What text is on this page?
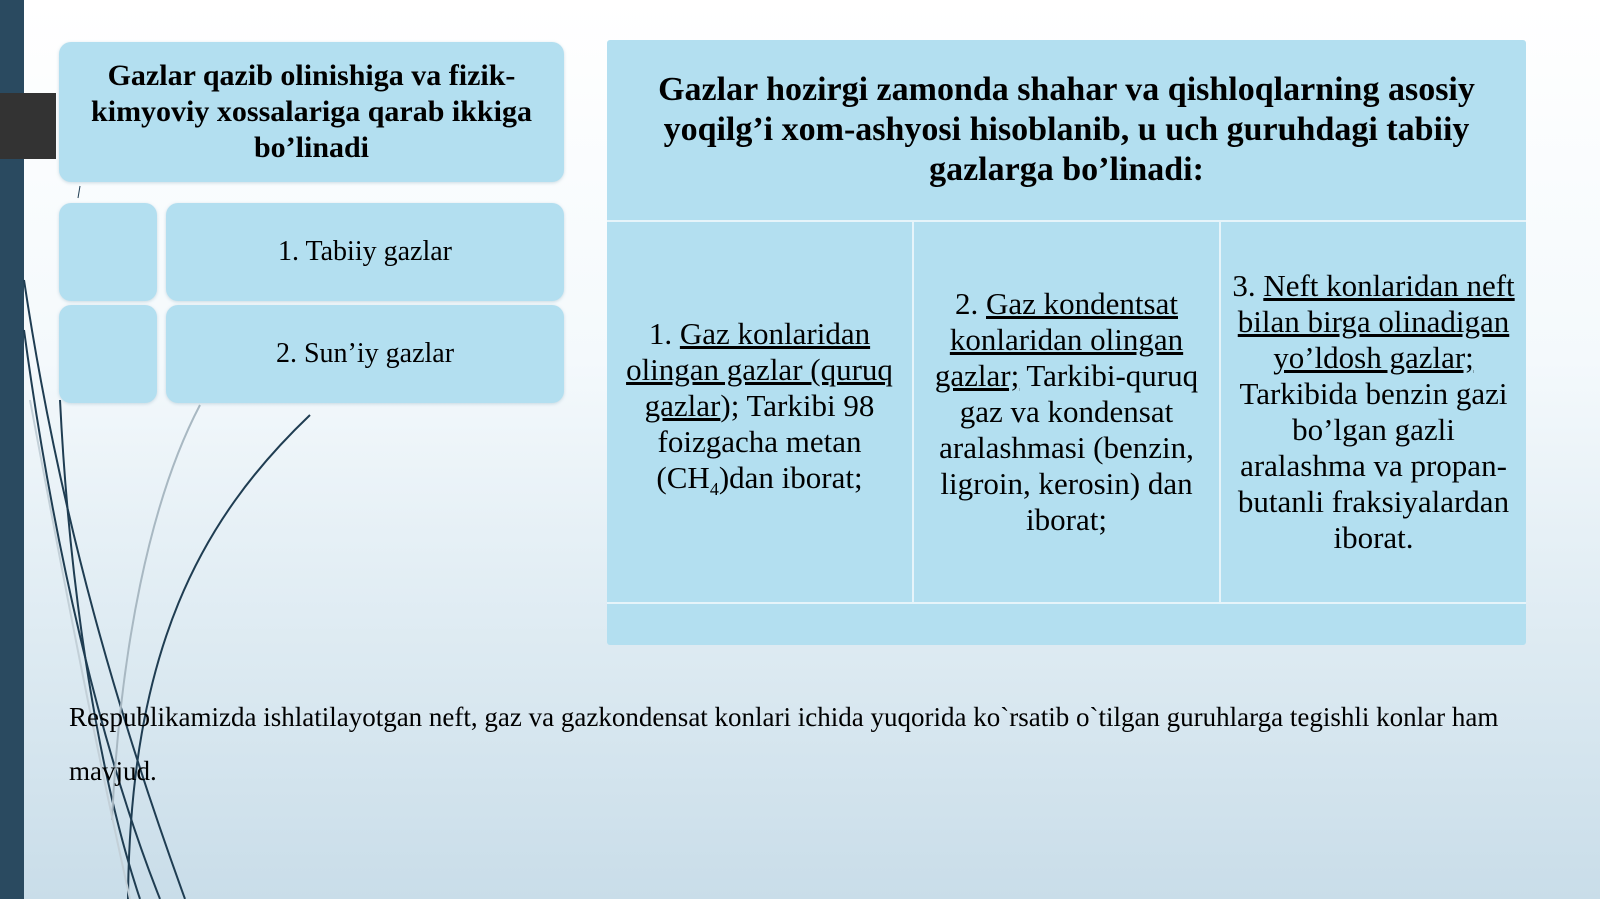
Gazlar qazib olinishiga va fizik-kimyoviy xossalariga qarab ikkiga bo’linadi
1. Tabiiy gazlar
2. Sun’iy gazlar
Gazlar hozirgi zamonda shahar va qishloqlarning asosiy yoqilg’i xom-ashyosi hisoblanib, u uch guruhdagi tabiiy gazlarga bo’linadi:
1. Gaz konlaridan olingan gazlar (quruq gazlar); Tarkibi 98 foizgacha metan $(CH_4)dan$ iborat;
2. Gaz kondentsat konlaridan olingan gazlar; Tarkibi-quruq gaz va kondensat aralashmasi (benzin, ligroin, kerosin) dan iborat;
3. Neft konlaridan neft bilan birga olinadigan yo’ldosh gazlar; Tarkibida benzin gazi bo’lgan gazli aralashma va propan-butanli fraksiyalardan iborat.
Respublikamizda ishlatilayotgan neft, gaz va gazkondensat konlari ichida yuqorida ko`rsatib o`tilgan guruhlarga tegishli konlar ham mavjud.
